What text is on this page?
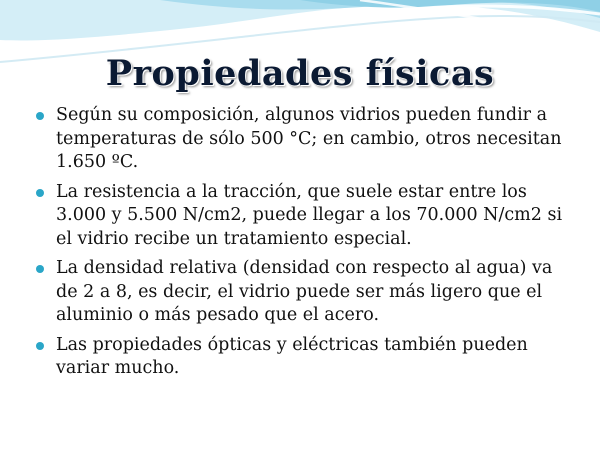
Propiedades físicas
Según su composición, algunos vidrios pueden fundir a temperaturas de sólo 500 °C; en cambio, otros necesitan 1.650 ºC.
La resistencia a la tracción, que suele estar entre los 3.000 y 5.500 N/cm2, puede llegar a los 70.000 N/cm2 si el vidrio recibe un tratamiento especial.
La densidad relativa (densidad con respecto al agua) va de 2 a 8, es decir, el vidrio puede ser más ligero que el aluminio o más pesado que el acero.
Las propiedades ópticas y eléctricas también pueden variar mucho.
